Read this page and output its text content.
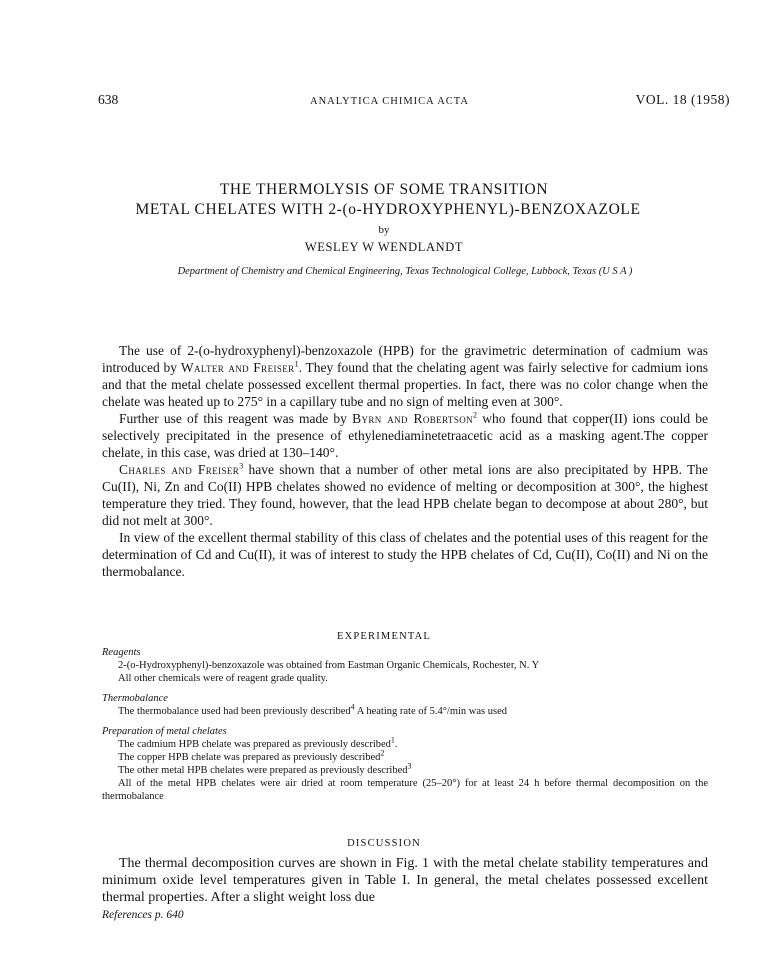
638	ANALYTICA CHIMICA ACTA	VOL. 18 (1958)
THE THERMOLYSIS OF SOME TRANSITION
METAL CHELATES WITH 2-(o-HYDROXYPHENYL)-BENZOXAZOLE
by
WESLEY W WENDLANDT
Department of Chemistry and Chemical Engineering, Texas Technological College, Lubbock, Texas (U S A )

The use of 2-(o-hydroxyphenyl)-benzoxazole (HPB) for the gravimetric determination of cadmium was introduced by Walter and Freiser$^1$. They found that the chelating agent was fairly selective for cadmium ions and that the metal chelate possessed excellent thermal properties. In fact, there was no color change when the chelate was heated up to 275° in a capillary tube and no sign of melting even at 300°.

Further use of this reagent was made by Byrn and Robertson$^2$ who found that copper(II) ions could be selectively precipitated in the presence of ethylenediaminetetraacetic acid as a masking agent.The copper chelate, in this case, was dried at 130–140°.

Charles and Freiser$^3$ have shown that a number of other metal ions are also precipitated by HPB. The Cu(II), Ni, Zn and Co(II) HPB chelates showed no evidence of melting or decomposition at 300°, the highest temperature they tried. They found, however, that the lead HPB chelate began to decompose at about 280°, but did not melt at 300°.

In view of the excellent thermal stability of this class of chelates and the potential uses of this reagent for the determination of Cd and Cu(II), it was of interest to study the HPB chelates of Cd, Cu(II), Co(II) and Ni on the thermobalance.

EXPERIMENTAL
Reagents
2-(o-Hydroxyphenyl)-benzoxazole was obtained from Eastman Organic Chemicals, Rochester, N. Y
All other chemicals were of reagent grade quality.
Thermobalance
The thermobalance used had been previously described$^4$ A heating rate of 5.4°/min was used
Preparation of metal chelates
The cadmium HPB chelate was prepared as previously described$^1$.
The copper HPB chelate was prepared as previously described$^2$
The other metal HPB chelates were prepared as previously described$^3$
All of the metal HPB chelates were air dried at room temperature (25–20°) for at least 24 h before thermal decomposition on the thermobalance
DISCUSSION

The thermal decomposition curves are shown in Fig. 1 with the metal chelate stability temperatures and minimum oxide level temperatures given in Table I. In general, the metal chelates possessed excellent thermal properties. After a slight weight loss due

References p. 640
